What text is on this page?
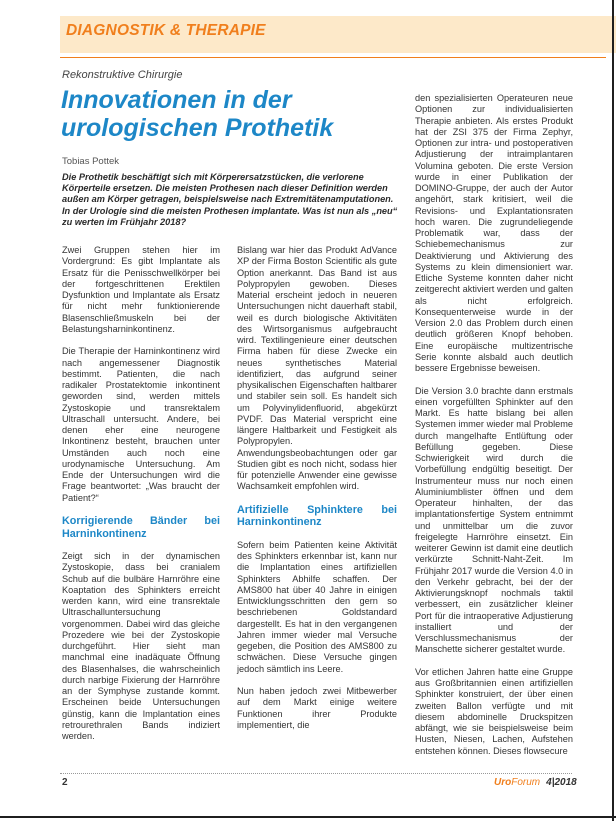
DIAGNOSTIK & THERAPIE
Rekonstruktive Chirurgie
Innovationen in der
urologischen Prothetik
Tobias Pottek

Die Prothetik beschäftigt sich mit Körperersatzstücken, die verlorene Körperteile ersetzen. Die meisten Prothesen nach dieser Definition werden außen am Körper getragen, beispielsweise nach Extremitätenamputationen. In der Urologie sind die meisten Prothesen implantate. Was ist nun als „neu“ zu werten im Frühjahr 2018?

Zwei Gruppen stehen hier im Vordergrund: Es gibt Implantate als Ersatz für die Penisschwellkörper bei der fortgeschrittenen Erektilen Dysfunktion und Implantate als Ersatz für nicht mehr funktionierende Blasenschließmuskeln bei der Belastungsharninkontinenz.

Die Therapie der Harninkontinenz wird nach angemessener Diagnostik bestimmt. Patienten, die nach radikaler Prostatektomie inkontinent geworden sind, werden mittels Zystoskopie und transrektalem Ultraschall untersucht. Andere, bei denen eher eine neurogene Inkontinenz besteht, brauchen unter Umständen auch noch eine urodynamische Untersuchung. Am Ende der Untersuchungen wird die Frage beantwortet: „Was braucht der Patient?“

Korrigierende Bänder bei Harninkontinenz

Zeigt sich in der dynamischen Zystoskopie, dass bei cranialem Schub auf die bulbäre Harnröhre eine Koaptation des Sphinkters erreicht werden kann, wird eine transrektale Ultraschalluntersuchung vorgenommen. Dabei wird das gleiche Prozedere wie bei der Zystoskopie durchgeführt. Hier sieht man manchmal eine inadäquate Öffnung des Blasenhalses, die wahrscheinlich durch narbige Fixierung der Harnröhre an der Symphyse zustande kommt. Erscheinen beide Untersuchungen günstig, kann die Implantation eines retrourethralen Bands indiziert werden.

Bislang war hier das Produkt AdVance XP der Firma Boston Scientific als gute Option anerkannt. Das Band ist aus Polypropylen gewoben. Dieses Material erscheint jedoch in neueren Untersuchungen nicht dauerhaft stabil, weil es durch biologische Aktivitäten des Wirtsorganismus aufgebraucht wird. Textilingenieure einer deutschen Firma haben für diese Zwecke ein neues synthetisches Material identifiziert, das aufgrund seiner physikalischen Eigenschaften haltbarer und stabiler sein soll. Es handelt sich um Polyvinylidenfluorid, abgekürzt PVDF. Das Material verspricht eine längere Haltbarkeit und Festigkeit als Polypropylen. Anwendungsbeobachtungen oder gar Studien gibt es noch nicht, sodass hier für potenzielle Anwender eine gewisse Wachsamkeit empfohlen wird.

Artifizielle Sphinktere bei Harninkontinenz

Sofern beim Patienten keine Aktivität des Sphinkters erkennbar ist, kann nur die Implantation eines artifiziellen Sphinkters Abhilfe schaffen. Der AMS800 hat über 40 Jahre in einigen Entwicklungsschritten den gern so beschriebenen Goldstandard dargestellt. Es hat in den vergangenen Jahren immer wieder mal Versuche gegeben, die Position des AMS800 zu schwächen. Diese Versuche gingen jedoch sämtlich ins Leere.

Nun haben jedoch zwei Mitbewerber auf dem Markt einige weitere Funktionen ihrer Produkte implementiert, die

den spezialisierten Operateuren neue Optionen zur individualisierten Therapie anbieten. Als erstes Produkt hat der ZSI 375 der Firma Zephyr, Optionen zur intra- und postoperativen Adjustierung der intraimplantaren Volumina geboten. Die erste Version wurde in einer Publikation der DOMINO-Gruppe, der auch der Autor angehört, stark kritisiert, weil die Revisions- und Explantationsraten hoch waren. Die zugrundeliegende Problematik war, dass der Schiebemechanismus zur Deaktivierung und Aktivierung des Systems zu klein dimensioniert war. Etliche Systeme konnten daher nicht zeitgerecht aktiviert werden und galten als nicht erfolgreich. Konsequenterweise wurde in der Version 2.0 das Problem durch einen deutlich größeren Knopf behoben. Eine europäische multizentrische Serie konnte alsbald auch deutlich bessere Ergebnisse beweisen.

Die Version 3.0 brachte dann erstmals einen vorgefüllten Sphinkter auf den Markt. Es hatte bislang bei allen Systemen immer wieder mal Probleme durch mangelhafte Entlüftung oder Befüllung gegeben. Diese Schwierigkeit wird durch die Vorbefüllung endgültig beseitigt. Der Instrumenteur muss nur noch einen Aluminiumblister öffnen und dem Operateur hinhalten, der das implantationsfertige System entnimmt und unmittelbar um die zuvor freigelegte Harnröhre einsetzt. Ein weiterer Gewinn ist damit eine deutlich verkürzte Schnitt-Naht-Zeit. Im Frühjahr 2017 wurde die Version 4.0 in den Verkehr gebracht, bei der der Aktivierungsknopf nochmals taktil verbessert, ein zusätzlicher kleiner Port für die intraoperative Adjustierung installiert und der Verschlussmechanismus der Manschette sicherer gestaltet wurde.

Vor etlichen Jahren hatte eine Gruppe aus Großbritannien einen artifiziellen Sphinkter konstruiert, der über einen zweiten Ballon verfügte und mit diesem abdominelle Druckspitzen abfängt, wie sie beispielsweise beim Husten, Niesen, Lachen, Aufstehen entstehen können. Dieses flowsecure

2	UroForum 4|2018
